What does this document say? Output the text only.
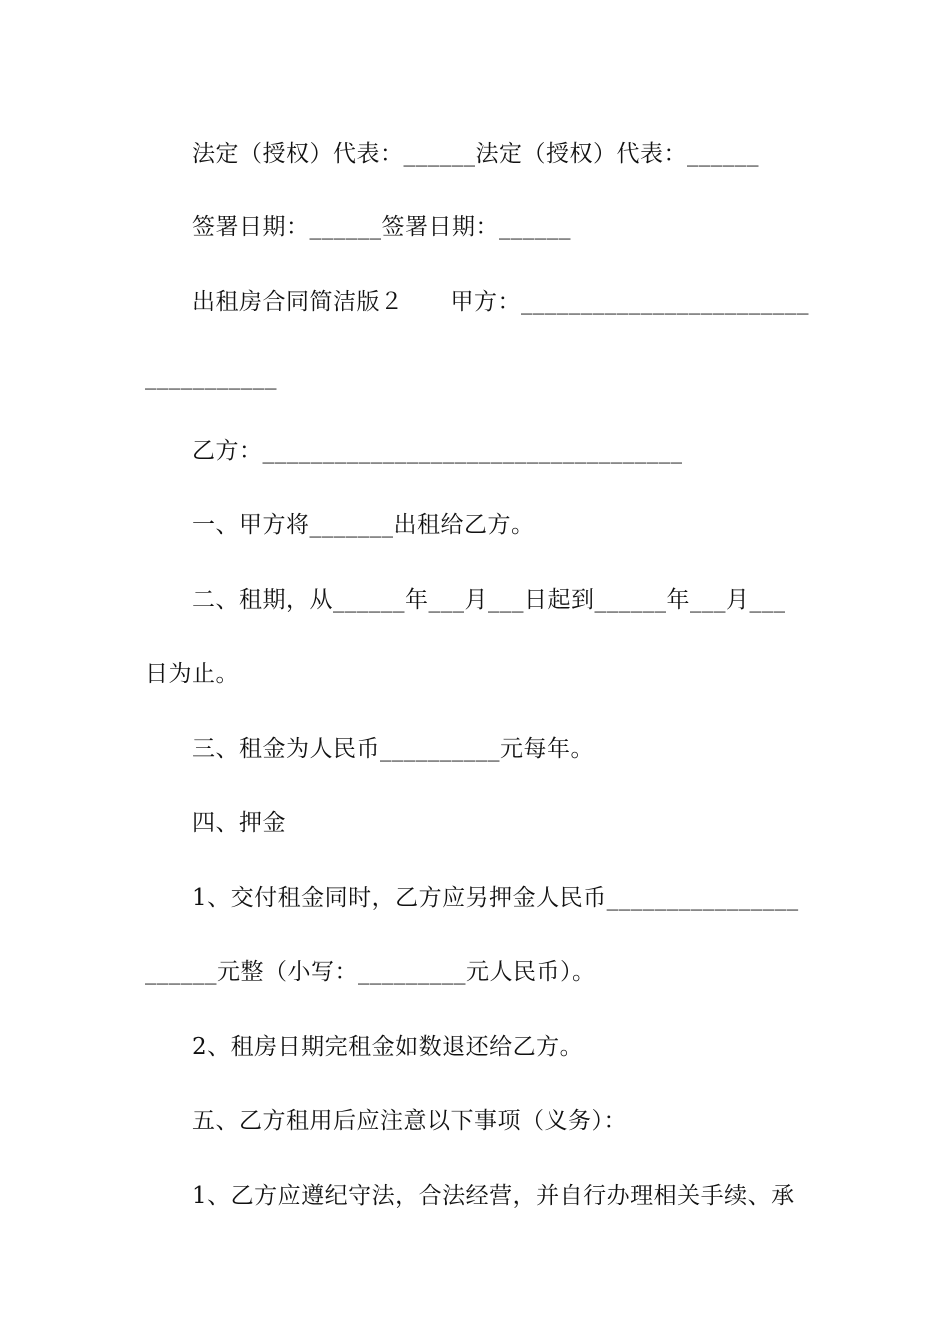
法定（授权）代表：______法定（授权）代表：______
签署日期：______签署日期：______
出租房合同简洁版２　　甲方：________________________
___________
乙方：___________________________________
一、甲方将_______出租给乙方。
二、租期，从______年___月___日起到______年___月___
日为止。
三、租金为人民币__________元每年。
四、押金
1、交付租金同时，乙方应另押金人民币________________
______元整（小写：_________元人民币）。
2、租房日期完租金如数退还给乙方。
五、乙方租用后应注意以下事项（义务）：
1、乙方应遵纪守法，合法经营，并自行办理相关手续、承
